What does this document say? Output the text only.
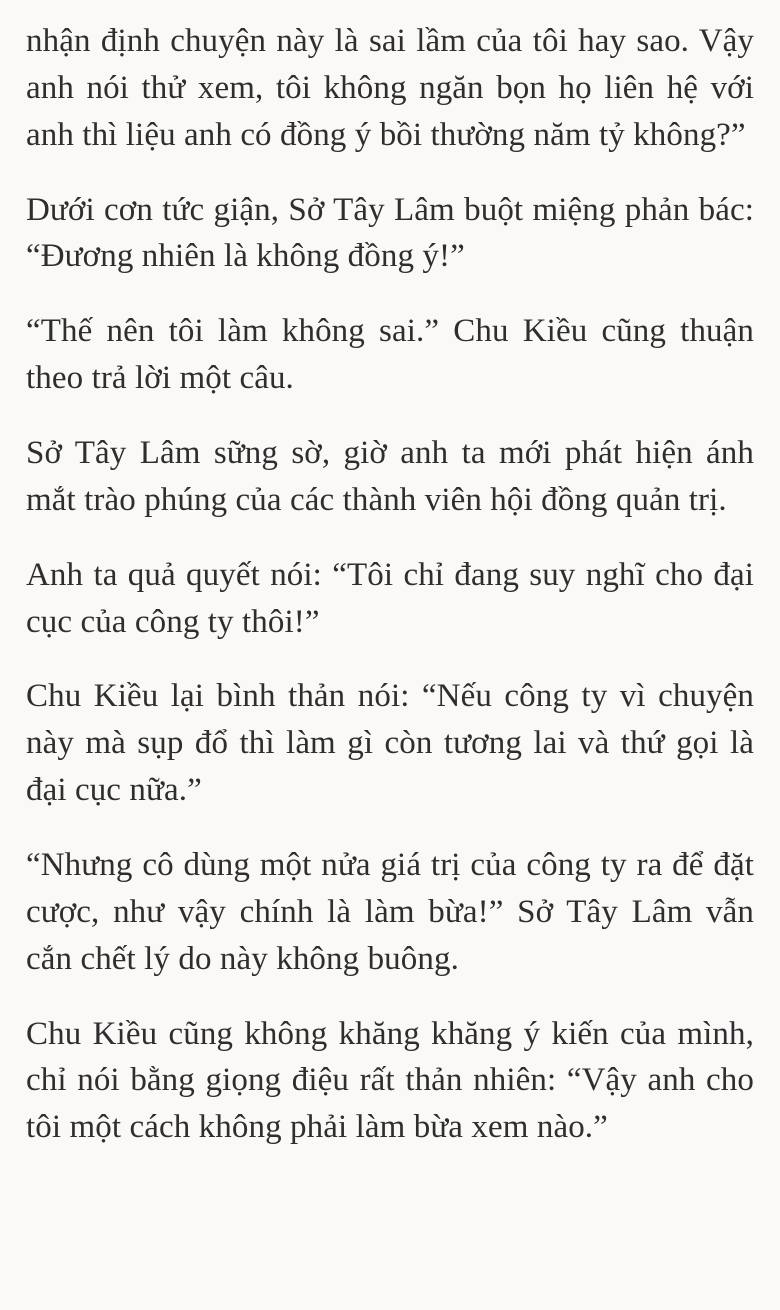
nhận định chuyện này là sai lầm của tôi hay sao. Vậy anh nói thử xem, tôi không ngăn bọn họ liên hệ với anh thì liệu anh có đồng ý bồi thường năm tỷ không?”

Dưới cơn tức giận, Sở Tây Lâm buột miệng phản bác: “Đương nhiên là không đồng ý!”

“Thế nên tôi làm không sai.” Chu Kiều cũng thuận theo trả lời một câu.

Sở Tây Lâm sững sờ, giờ anh ta mới phát hiện ánh mắt trào phúng của các thành viên hội đồng quản trị.

Anh ta quả quyết nói: “Tôi chỉ đang suy nghĩ cho đại cục của công ty thôi!”

Chu Kiều lại bình thản nói: “Nếu công ty vì chuyện này mà sụp đổ thì làm gì còn tương lai và thứ gọi là đại cục nữa.”

“Nhưng cô dùng một nửa giá trị của công ty ra để đặt cược, như vậy chính là làm bừa!” Sở Tây Lâm vẫn cắn chết lý do này không buông.

Chu Kiều cũng không khăng khăng ý kiến của mình, chỉ nói bằng giọng điệu rất thản nhiên: “Vậy anh cho tôi một cách không phải làm bừa xem nào.”
